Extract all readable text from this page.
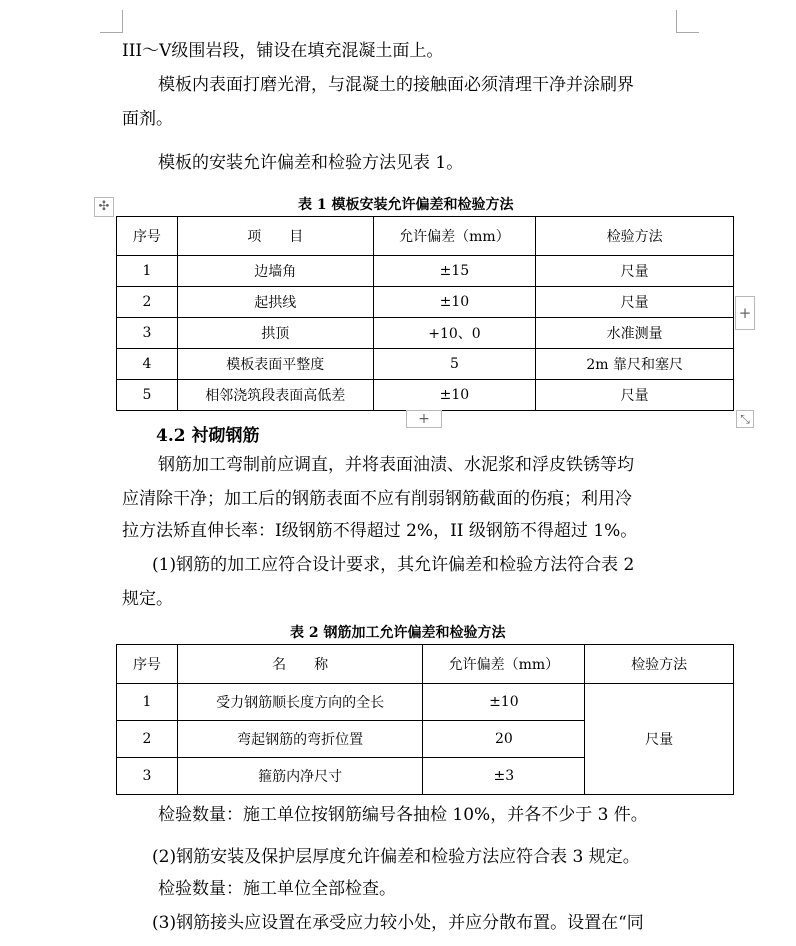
III～Ⅴ级围岩段，铺设在填充混凝土面上。
模板内表面打磨光滑，与混凝土的接触面必须清理干净并涂刷界
面剂。
模板的安装允许偏差和检验方法见表 1。
✣	表 1 模板安装允许偏差和检验方法
序号	项　　目	允许偏差（mm）	检验方法
1	边墙角	±15	尺量
2	起拱线	±10	尺量
3	拱顶	+10、0	水准测量
4	模板表面平整度	5	2m 靠尺和塞尺
5	相邻浇筑段表面高低差	±10	尺量
+
+	⤡
4.2 衬砌钢筋
钢筋加工弯制前应调直，并将表面油渍、水泥浆和浮皮铁锈等均
应清除干净；加工后的钢筋表面不应有削弱钢筋截面的伤痕；利用冷
拉方法矫直伸长率：Ⅰ级钢筋不得超过 2%，II 级钢筋不得超过 1%。
(1)钢筋的加工应符合设计要求，其允许偏差和检验方法符合表 2
规定。
表 2 钢筋加工允许偏差和检验方法
序号	名　　称	允许偏差（mm）	检验方法
1	受力钢筋顺长度方向的全长	±10	尺量
2	弯起钢筋的弯折位置	20	
3	箍筋内净尺寸	±3	
检验数量：施工单位按钢筋编号各抽检 10%，并各不少于 3 件。
(2)钢筋安装及保护层厚度允许偏差和检验方法应符合表 3 规定。
检验数量：施工单位全部检查。
(3)钢筋接头应设置在承受应力较小处，并应分散布置。设置在“同
